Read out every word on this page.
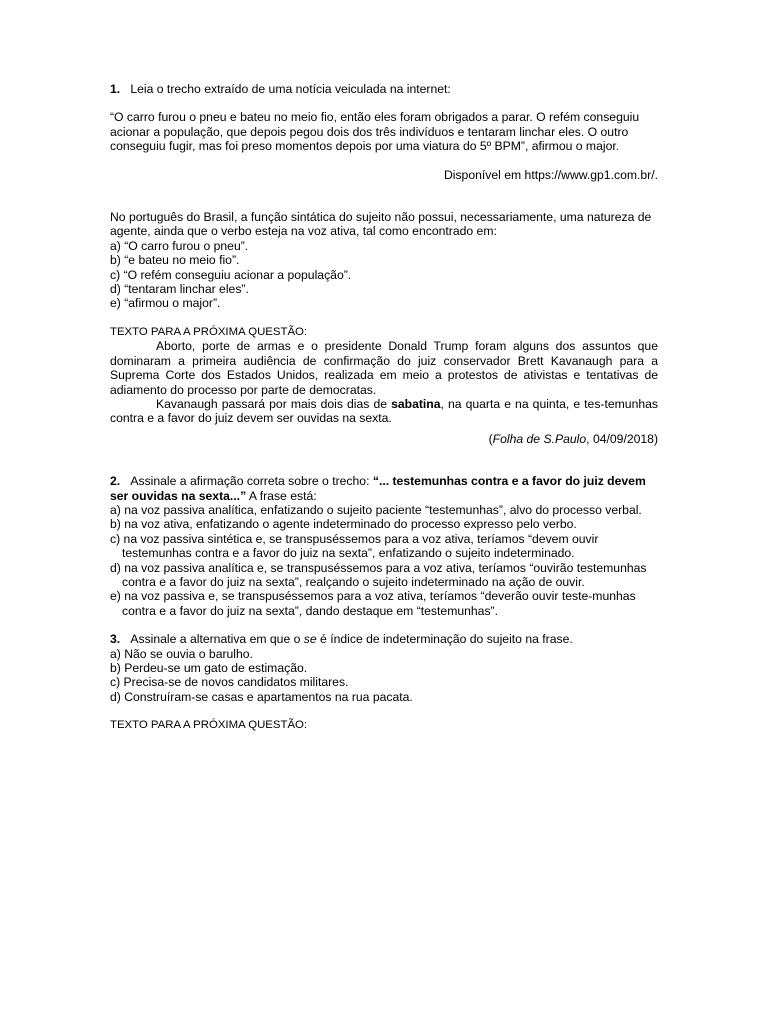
1. Leia o trecho extraído de uma notícia veiculada na internet:

“O carro furou o pneu e bateu no meio fio, então eles foram obrigados a parar. O refém conseguiu acionar a população, que depois pegou dois dos três indivíduos e tentaram linchar eles. O outro conseguiu fugir, mas foi preso momentos depois por uma viatura do 5º BPM”, afirmou o major.

Disponível em https://www.gp1.com.br/.

No português do Brasil, a função sintática do sujeito não possui, necessariamente, uma natureza de agente, ainda que o verbo esteja na voz ativa, tal como encontrado em:

a) “O carro furou o pneu”.

b) “e bateu no meio fio”.

c) “O refém conseguiu acionar a população”.

d) “tentaram linchar eles”.

e) “afirmou o major”.

TEXTO PARA A PRÓXIMA QUESTÃO:

Aborto, porte de armas e o presidente Donald Trump foram alguns dos assuntos que dominaram a primeira audiência de confirmação do juiz conservador Brett Kavanaugh para a Suprema Corte dos Estados Unidos, realizada em meio a protestos de ativistas e tentativas de adiamento do processo por parte de democratas.

Kavanaugh passará por mais dois dias de sabatina, na quarta e na quinta, e tes-temunhas contra e a favor do juiz devem ser ouvidas na sexta.

(Folha de S.Paulo, 04/09/2018)

2. Assinale a afirmação correta sobre o trecho: “... testemunhas contra e a favor do juiz devem ser ouvidas na sexta...” A frase está:

a) na voz passiva analítica, enfatizando o sujeito paciente “testemunhas”, alvo do processo verbal.

b) na voz ativa, enfatizando o agente indeterminado do processo expresso pelo verbo.

c) na voz passiva sintética e, se transpuséssemos para a voz ativa, teríamos “devem ouvir testemunhas contra e a favor do juiz na sexta”, enfatizando o sujeito indeterminado.

d) na voz passiva analítica e, se transpuséssemos para a voz ativa, teríamos “ouvirão testemunhas contra e a favor do juiz na sexta”, realçando o sujeito indeterminado na ação de ouvir.

e) na voz passiva e, se transpuséssemos para a voz ativa, teríamos “deverão ouvir teste-munhas contra e a favor do juiz na sexta”, dando destaque em “testemunhas”.

3. Assinale a alternativa em que o se é índice de indeterminação do sujeito na frase.

a) Não se ouvia o barulho.

b) Perdeu-se um gato de estimação.

c) Precisa-se de novos candidatos militares.

d) Construíram-se casas e apartamentos na rua pacata.

TEXTO PARA A PRÓXIMA QUESTÃO:
